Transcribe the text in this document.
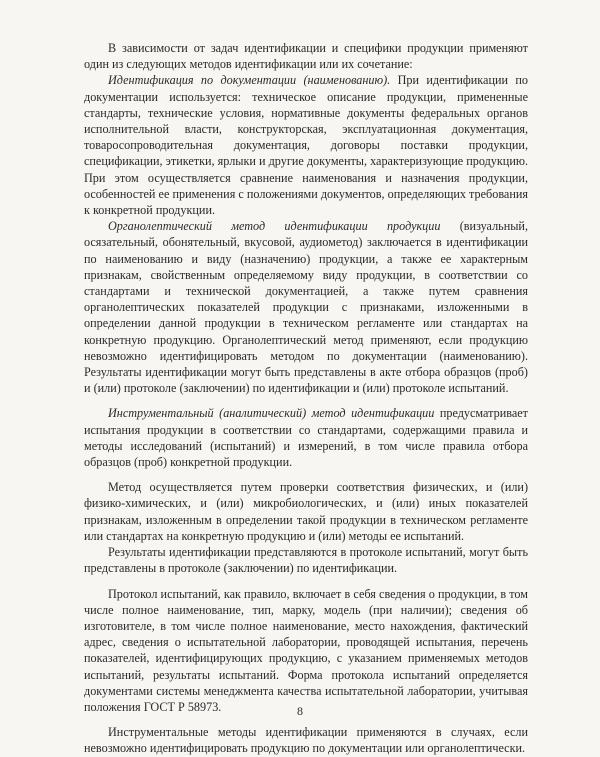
В зависимости от задач идентификации и специфики продукции применяют один из следующих методов идентификации или их сочетание:

Идентификация по документации (наименованию). При идентификации по документации используется: техническое описание продукции, примененные стандарты, технические условия, нормативные документы федеральных органов исполнительной власти, конструкторская, эксплуатационная документация, товаросопроводительная документация, договоры поставки продукции, спецификации, этикетки, ярлыки и другие документы, характеризующие продукцию. При этом осуществляется сравнение наименования и назначения продукции, особенностей ее применения с положениями документов, определяющих требования к конкретной продукции.

Органолептический метод идентификации продукции (визуальный, осязательный, обонятельный, вкусовой, аудиометод) заключается в идентификации по наименованию и виду (назначению) продукции, а также ее характерным признакам, свойственным определяемому виду продукции, в соответствии со стандартами и технической документацией, а также путем сравнения органолептических показателей продукции с признаками, изложенными в определении данной продукции в техническом регламенте или стандартах на конкретную продукцию. Органолептический метод применяют, если продукцию невозможно идентифицировать методом по документации (наименованию). Результаты идентификации могут быть представлены в акте отбора образцов (проб) и (или) протоколе (заключении) по идентификации и (или) протоколе испытаний.

Инструментальный (аналитический) метод идентификации предусматривает испытания продукции в соответствии со стандартами, содержащими правила и методы исследований (испытаний) и измерений, в том числе правила отбора образцов (проб) конкретной продукции.

Метод осуществляется путем проверки соответствия физических, и (или) физико-химических, и (или) микробиологических, и (или) иных показателей признакам, изложенным в определении такой продукции в техническом регламенте или стандартах на конкретную продукцию и (или) методы ее испытаний.

Результаты идентификации представляются в протоколе испытаний, могут быть представлены в протоколе (заключении) по идентификации.

Протокол испытаний, как правило, включает в себя сведения о продукции, в том числе полное наименование, тип, марку, модель (при наличии); сведения об изготовителе, в том числе полное наименование, место нахождения, фактический адрес, сведения о испытательной лаборатории, проводящей испытания, перечень показателей, идентифицирующих продукцию, с указанием применяемых методов испытаний, результаты испытаний. Форма протокола испытаний определяется документами системы менеджмента качества испытательной лаборатории, учитывая положения ГОСТ Р 58973.

Инструментальные методы идентификации применяются в случаях, если невозможно идентифицировать продукцию по документации или органолептически.

8
